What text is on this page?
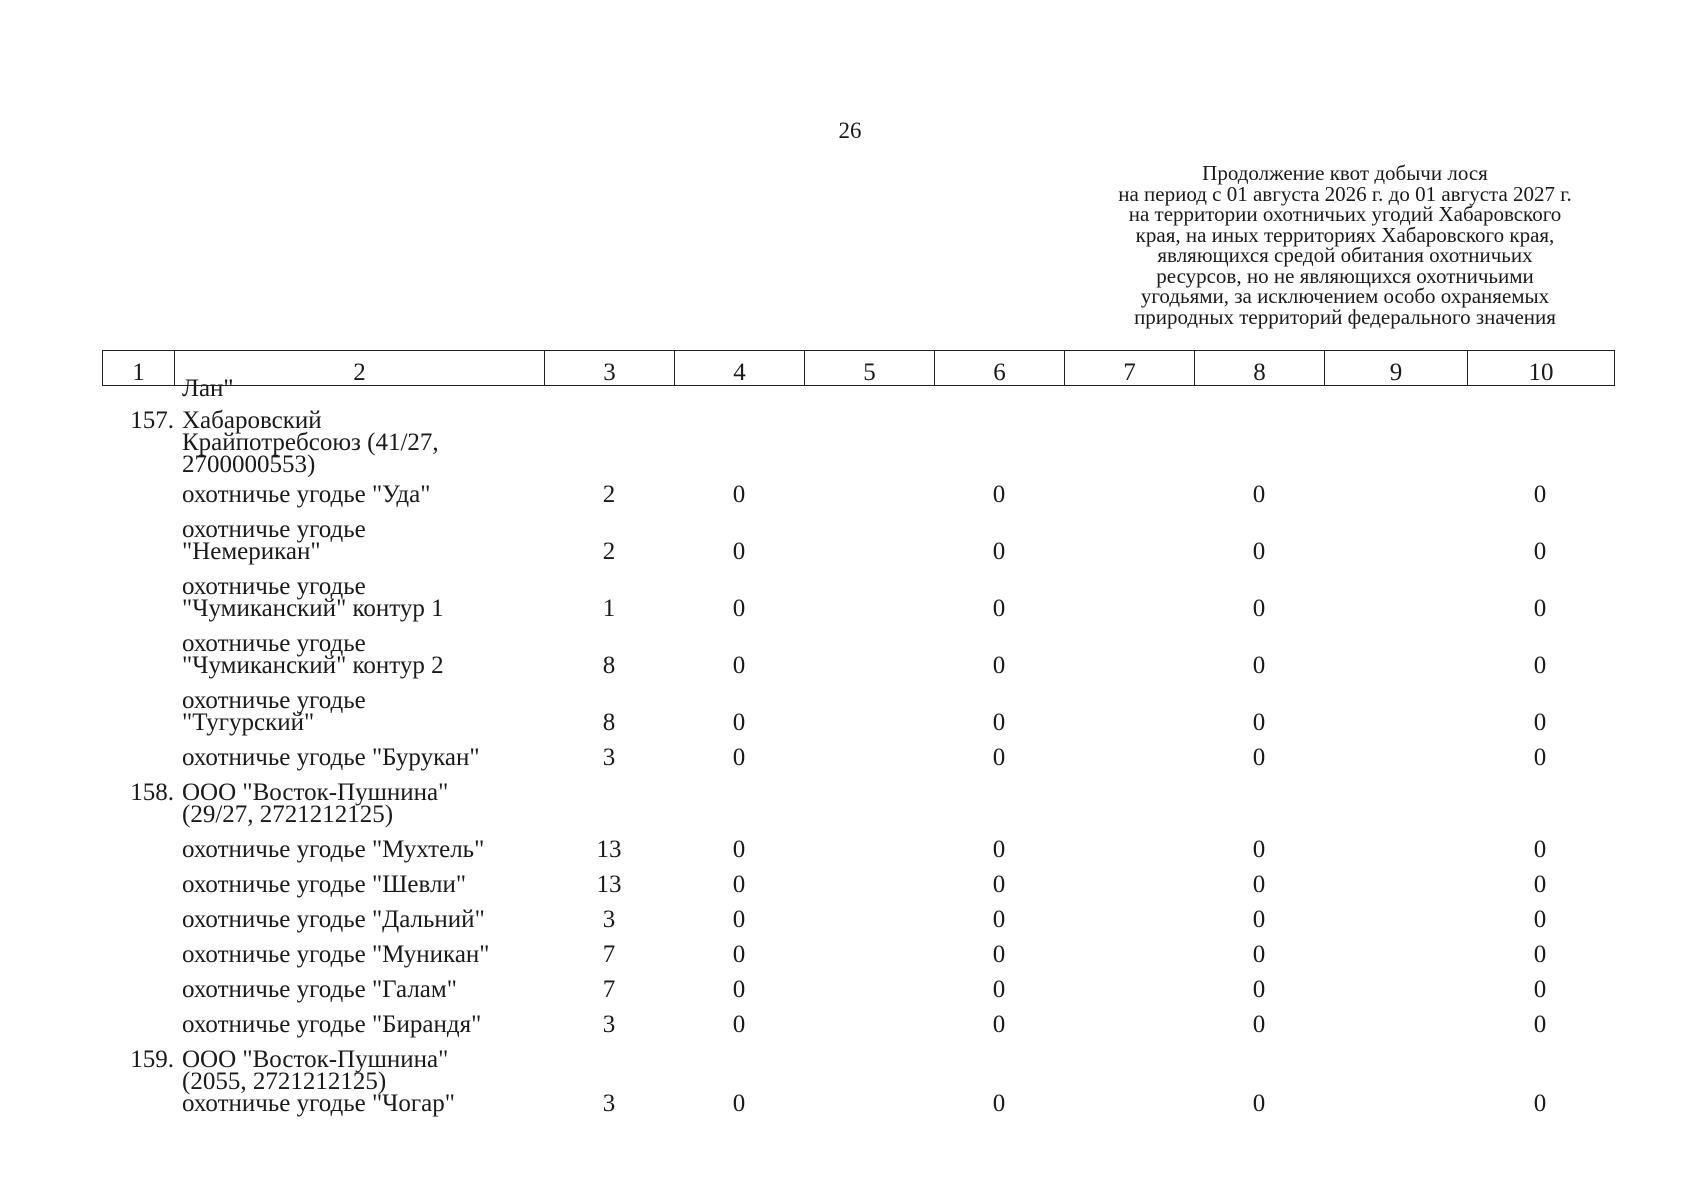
26
Продолжение квот добычи лося
на период с 01 августа 2026 г. до 01 августа 2027 г.
на территории охотничьих угодий Хабаровского
края, на иных территориях Хабаровского края,
являющихся средой обитания охотничьих
ресурсов, но не являющихся охотничьими
угодьями, за исключением особо охраняемых
природных территорий федерального значения
1	2	3	4	5	6	7	8	9	10
Лан"
157. Хабаровский
Крайпотребсоюз (41/27,
2700000553)
охотничье угодье "Уда"	2	0	0	0	0
охотничье угодье
"Немерикан"	2	0	0	0	0
охотничье угодье
"Чумиканский" контур 1	1	0	0	0	0
охотничье угодье
"Чумиканский" контур 2	8	0	0	0	0
охотничье угодье
"Тугурский"	8	0	0	0	0
охотничье угодье "Бурукан"	3	0	0	0	0
158. ООО "Восток-Пушнина"
(29/27, 2721212125)
охотничье угодье "Мухтель"	13	0	0	0	0
охотничье угодье "Шевли"	13	0	0	0	0
охотничье угодье "Дальний"	3	0	0	0	0
охотничье угодье "Муникан"	7	0	0	0	0
охотничье угодье "Галам"	7	0	0	0	0
охотничье угодье "Бирандя"	3	0	0	0	0
159. ООО "Восток-Пушнина"
(2055, 2721212125)
охотничье угодье "Чогар"	3	0	0	0	0
